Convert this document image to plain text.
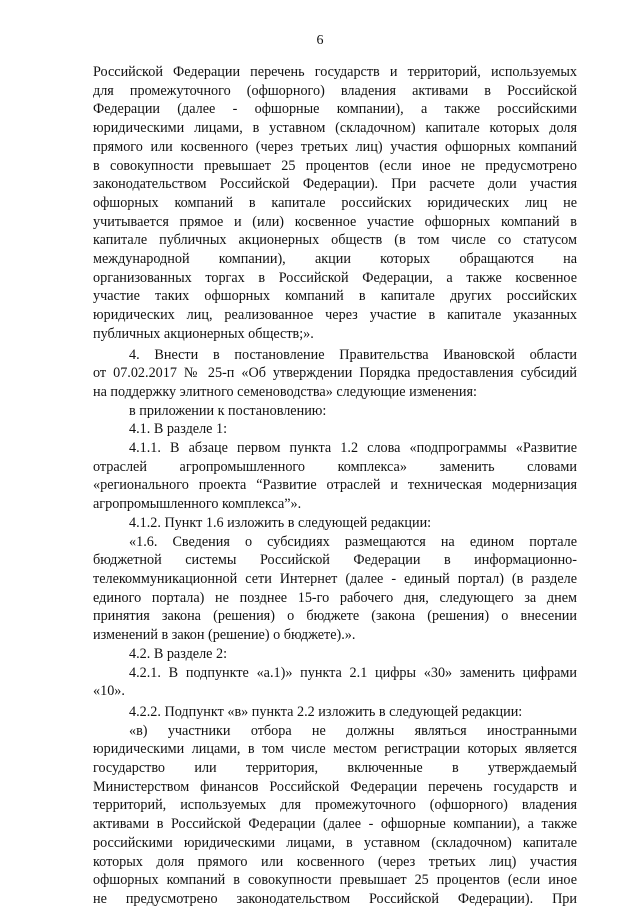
6
Российской Федерации перечень государств и территорий, используемых
для промежуточного (офшорного) владения активами в Российской
Федерации (далее - офшорные компании), а также российскими
юридическими лицами, в уставном (складочном) капитале которых доля
прямого или косвенного (через третьих лиц) участия офшорных компаний
в совокупности превышает 25 процентов (если иное не предусмотрено
законодательством Российской Федерации). При расчете доли участия
офшорных компаний в капитале российских юридических лиц не
учитывается прямое и (или) косвенное участие офшорных компаний в
капитале публичных акционерных обществ (в том числе со статусом
международной компании), акции которых обращаются на
организованных торгах в Российской Федерации, а также косвенное
участие таких офшорных компаний в капитале других российских
юридических лиц, реализованное через участие в капитале указанных
публичных акционерных обществ;».
4. Внести в постановление Правительства Ивановской области
от 07.02.2017 № 25-п «Об утверждении Порядка предоставления субсидий
на поддержку элитного семеноводства» следующие изменения:
в приложении к постановлению:
4.1. В разделе 1:
4.1.1. В абзаце первом пункта 1.2 слова «подпрограммы «Развитие
отраслей агропромышленного комплекса» заменить словами
«регионального проекта “Развитие отраслей и техническая модернизация
агропромышленного комплекса”».
4.1.2. Пункт 1.6 изложить в следующей редакции:
«1.6. Сведения о субсидиях размещаются на едином портале
бюджетной системы Российской Федерации в информационно-
телекоммуникационной сети Интернет (далее - единый портал) (в разделе
единого портала) не позднее 15-го рабочего дня, следующего за днем
принятия закона (решения) о бюджете (закона (решения) о внесении
изменений в закон (решение) о бюджете).».
4.2. В разделе 2:
4.2.1. В подпункте «а.1)» пункта 2.1 цифры «30» заменить цифрами
«10».
4.2.2. Подпункт «в» пункта 2.2 изложить в следующей редакции:
«в) участники отбора не должны являться иностранными
юридическими лицами, в том числе местом регистрации которых является
государство или территория, включенные в утверждаемый
Министерством финансов Российской Федерации перечень государств и
территорий, используемых для промежуточного (офшорного) владения
активами в Российской Федерации (далее - офшорные компании), а также
российскими юридическими лицами, в уставном (складочном) капитале
которых доля прямого или косвенного (через третьих лиц) участия
офшорных компаний в совокупности превышает 25 процентов (если иное
не предусмотрено законодательством Российской Федерации). При
